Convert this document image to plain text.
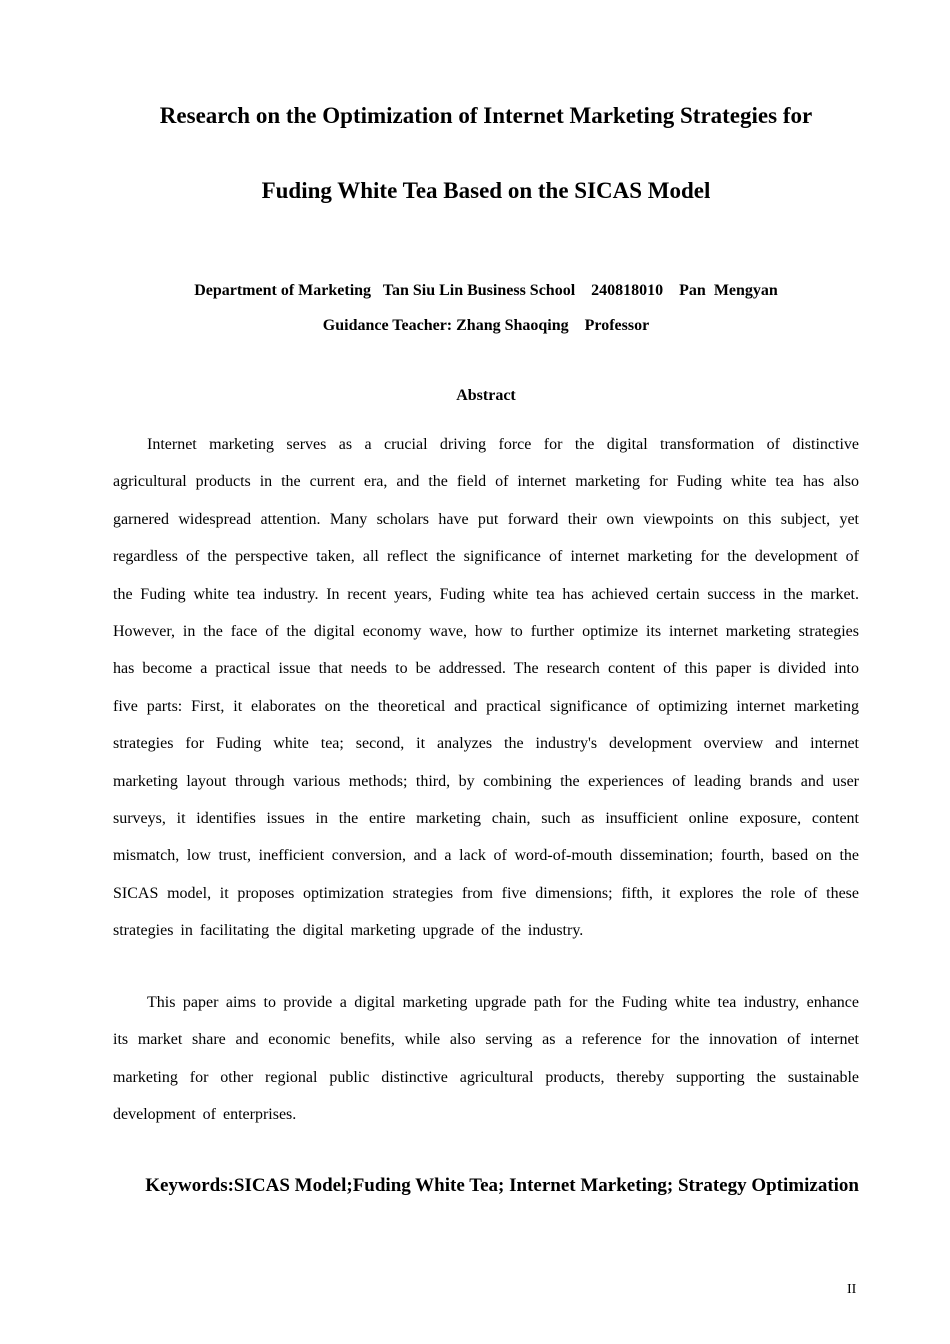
Research on the Optimization of Internet Marketing Strategies for
Fuding White Tea Based on the SICAS Model
Department of Marketing   Tan Siu Lin Business School    240818010    Pan  Mengyan
Guidance Teacher: Zhang Shaoqing    Professor
Abstract

Internet marketing serves as a crucial driving force for the digital transformation of distinctive agricultural products in the current era, and the field of internet marketing for Fuding white tea has also garnered widespread attention. Many scholars have put forward their own viewpoints on this subject, yet regardless of the perspective taken, all reflect the significance of internet marketing for the development of the Fuding white tea industry. In recent years, Fuding white tea has achieved certain success in the market. However, in the face of the digital economy wave, how to further optimize its internet marketing strategies has become a practical issue that needs to be addressed. The research content of this paper is divided into five parts: First, it elaborates on the theoretical and practical significance of optimizing internet marketing strategies for Fuding white tea; second, it analyzes the industry's development overview and internet marketing layout through various methods; third, by combining the experiences of leading brands and user surveys, it identifies issues in the entire marketing chain, such as insufficient online exposure, content mismatch, low trust, inefficient conversion, and a lack of word-of-mouth dissemination; fourth, based on the SICAS model, it proposes optimization strategies from five dimensions; fifth, it explores the role of these strategies in facilitating the digital marketing upgrade of the industry.

This paper aims to provide a digital marketing upgrade path for the Fuding white tea industry, enhance its market share and economic benefits, while also serving as a reference for the innovation of internet marketing for other regional public distinctive agricultural products, thereby supporting the sustainable development of enterprises.

Keywords:SICAS Model;Fuding White Tea; Internet Marketing; Strategy Optimization
II
